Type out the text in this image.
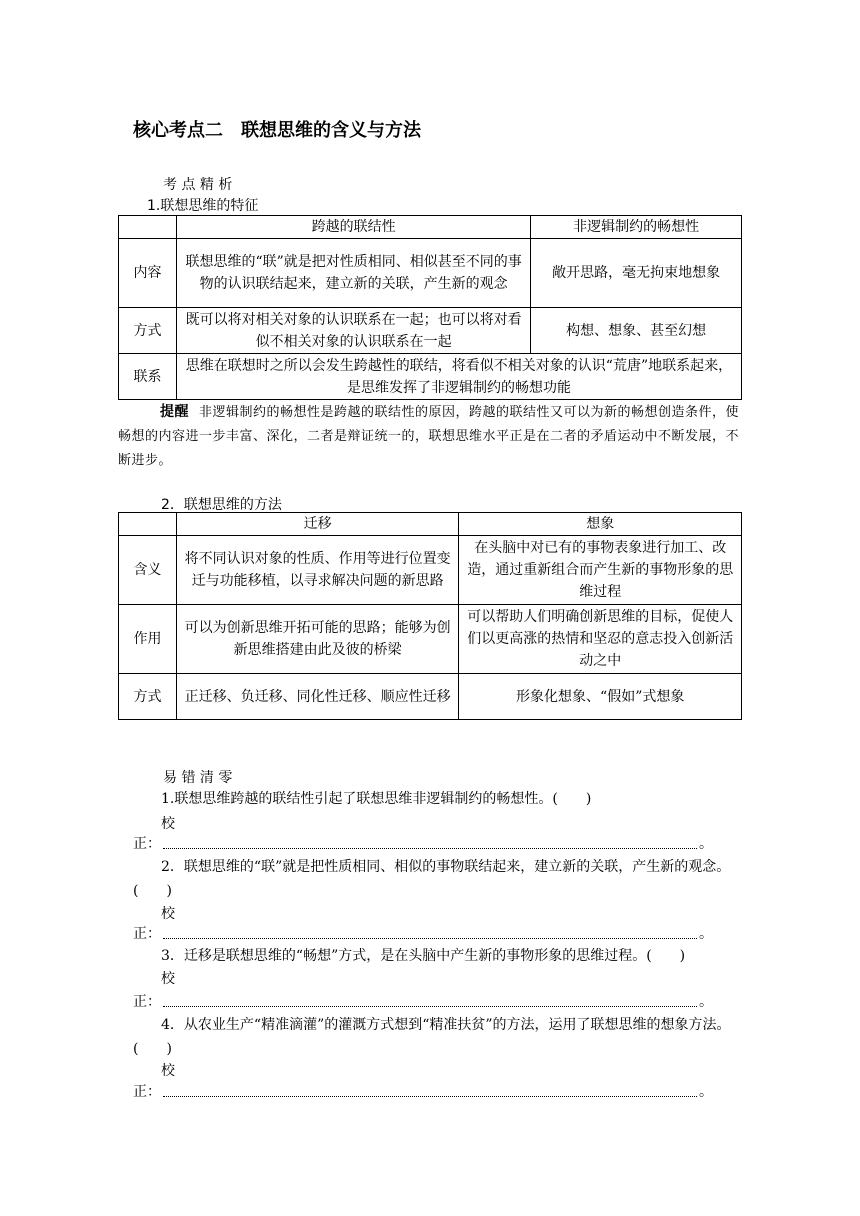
核心考点二　联想思维的含义与方法
考 点 精 析
1.联想思维的特征
	跨越的联结性	非逻辑制约的畅想性
内容	联想思维的“联”就是把对性质相同、相似甚至不同的事物的认识联结起来，建立新的关联，产生新的观念	敞开思路，毫无拘束地想象
方式	既可以将对相关对象的认识联系在一起；也可以将对看似不相关对象的认识联系在一起	构想、想象、甚至幻想
联系	思维在联想时之所以会发生跨越性的联结，将看似不相关对象的认识“荒唐”地联系起来，是思维发挥了非逻辑制约的畅想功能	
提醒 非逻辑制约的畅想性是跨越的联结性的原因，跨越的联结性又可以为新的畅想创造条件，使畅想的内容进一步丰富、深化，二者是辩证统一的，联想思维水平正是在二者的矛盾运动中不断发展，不断进步。
2．联想思维的方法
	迁移	想象
含义	将不同认识对象的性质、作用等进行位置变迁与功能移植，以寻求解决问题的新思路	在头脑中对已有的事物表象进行加工、改造，通过重新组合而产生新的事物形象的思维过程
作用	可以为创新思维开拓可能的思路；能够为创新思维搭建由此及彼的桥梁	可以帮助人们明确创新思维的目标，促使人们以更高涨的热情和坚忍的意志投入创新活动之中
方式	正迁移、负迁移、同化性迁移、顺应性迁移	形象化想象、“假如”式想象
易 错 清 零
1.联想思维跨越的联结性引起了联想思维非逻辑制约的畅想性。(　　)
校
正：	。
2．联想思维的“联”就是把性质相同、相似的事物联结起来，建立新的关联，产生新的观念。(　　)
校
正：	。
3．迁移是联想思维的“畅想”方式，是在头脑中产生新的事物形象的思维过程。(　　)
校
正：	。
4．从农业生产“精准滴灌”的灌溉方式想到“精准扶贫”的方法，运用了联想思维的想象方法。(　　)
校
正：	。
